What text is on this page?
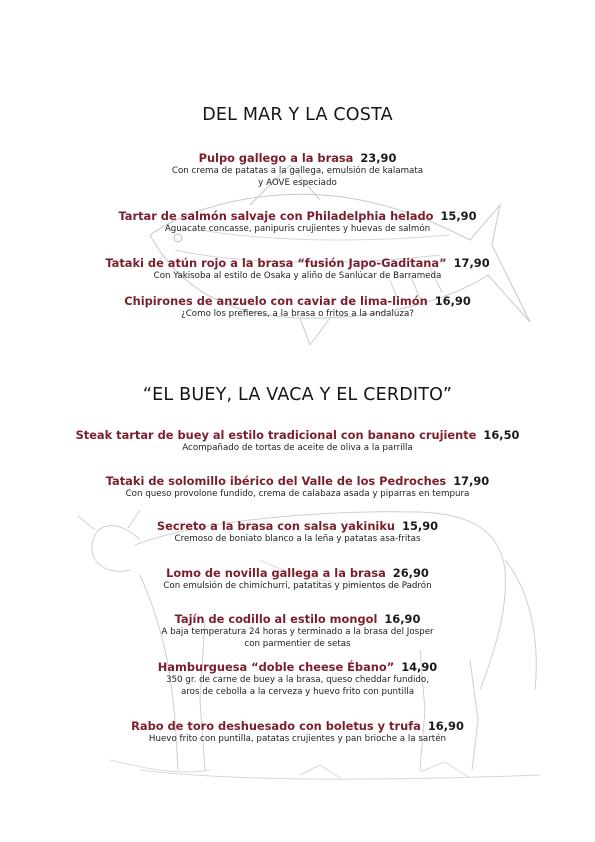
DEL MAR Y LA COSTA
Pulpo gallego a la brasa 23,90
Con crema de patatas a la gallega, emulsión de kalamata
y AOVE especiado
Tartar de salmón salvaje con Philadelphia helado 15,90
Aguacate concasse, panipuris crujientes y huevas de salmón
Tataki de atún rojo a la brasa “fusión Japo-Gaditana” 17,90
Con Yakisoba al estilo de Osaka y aliño de Sanlúcar de Barrameda
Chipirones de anzuelo con caviar de lima-limón 16,90
¿Como los prefieres, a la brasa o fritos a la andaluza?
“EL BUEY, LA VACA Y EL CERDITO”
Steak tartar de buey al estilo tradicional con banano crujiente 16,50
Acompañado de tortas de aceite de oliva a la parrilla
Tataki de solomillo ibérico del Valle de los Pedroches 17,90
Con queso provolone fundido, crema de calabaza asada y piparras en tempura
Secreto a la brasa con salsa yakiniku 15,90
Cremoso de boniato blanco a la leña y patatas asa-fritas
Lomo de novilla gallega a la brasa 26,90
Con emulsión de chimichurri, patatitas y pimientos de Padrón
Tajín de codillo al estilo mongol 16,90
A baja temperatura 24 horas y terminado a la brasa del Josper
con parmentier de setas
Hamburguesa “doble cheese Ébano” 14,90
350 gr. de carne de buey a la brasa, queso cheddar fundido,
aros de cebolla a la cerveza y huevo frito con puntilla
Rabo de toro deshuesado con boletus y trufa 16,90
Huevo frito con puntilla, patatas crujientes y pan brioche a la sartén
